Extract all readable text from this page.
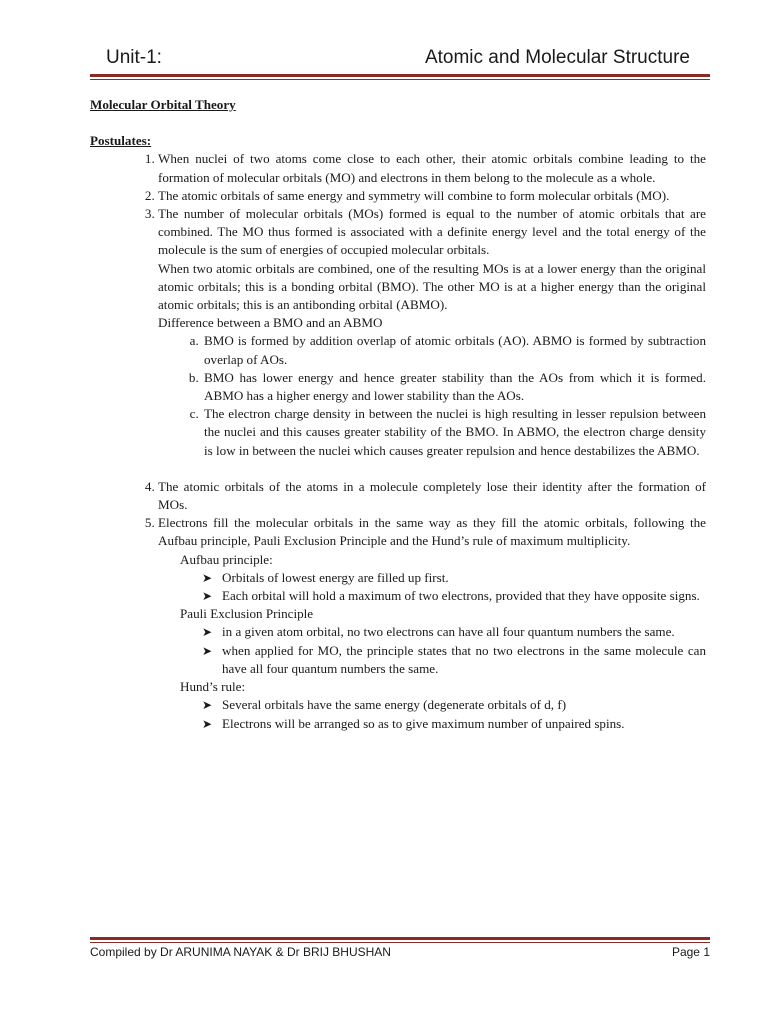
Unit-1:	Atomic and Molecular Structure

Molecular Orbital Theory

Postulates:

1. When nuclei of two atoms come close to each other, their atomic orbitals combine leading to the formation of molecular orbitals (MO) and electrons in them belong to the molecule as a whole.
2. The atomic orbitals of same energy and symmetry will combine to form molecular orbitals (MO).
3. The number of molecular orbitals (MOs) formed is equal to the number of atomic orbitals that are combined. The MO thus formed is associated with a definite energy level and the total energy of the molecule is the sum of energies of occupied molecular orbitals.
When two atomic orbitals are combined, one of the resulting MOs is at a lower energy than the original atomic orbitals; this is a bonding orbital (BMO). The other MO is at a higher energy than the original atomic orbitals; this is an antibonding orbital (ABMO).
Difference between a BMO and an ABMO
a. BMO is formed by addition overlap of atomic orbitals (AO). ABMO is formed by subtraction overlap of AOs.
b. BMO has lower energy and hence greater stability than the AOs from which it is formed. ABMO has a higher energy and lower stability than the AOs.
c. The electron charge density in between the nuclei is high resulting in lesser repulsion between the nuclei and this causes greater stability of the BMO. In ABMO, the electron charge density is low in between the nuclei which causes greater repulsion and hence destabilizes the ABMO.
4. The atomic orbitals of the atoms in a molecule completely lose their identity after the formation of MOs.
5. Electrons fill the molecular orbitals in the same way as they fill the atomic orbitals, following the Aufbau principle, Pauli Exclusion Principle and the Hund’s rule of maximum multiplicity.
Aufbau principle:
➤ Orbitals of lowest energy are filled up first.
➤ Each orbital will hold a maximum of two electrons, provided that they have opposite signs.
Pauli Exclusion Principle
➤ in a given atom orbital, no two electrons can have all four quantum numbers the same.
➤ when applied for MO, the principle states that no two electrons in the same molecule can have all four quantum numbers the same.
Hund’s rule:
➤ Several orbitals have the same energy (degenerate orbitals of d, f)
➤ Electrons will be arranged so as to give maximum number of unpaired spins.
Compiled by Dr ARUNIMA NAYAK & Dr BRIJ BHUSHAN	Page 1
